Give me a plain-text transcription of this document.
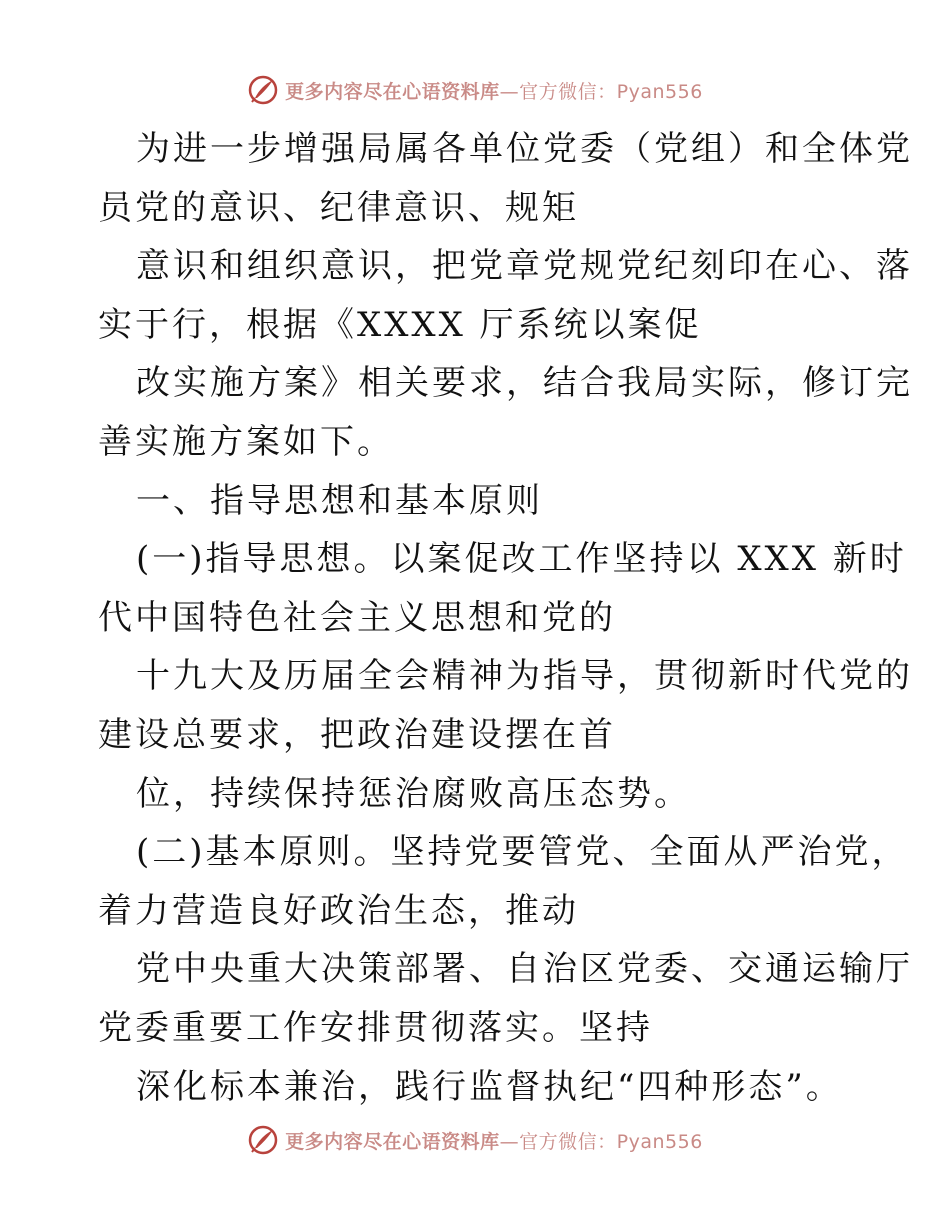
更多内容尽在心语资料库—官方微信：Pyan556
为进一步增强局属各单位党委（党组）和全体党
员党的意识、纪律意识、规矩
意识和组织意识，把党章党规党纪刻印在心、落
实于行，根据《XXXX 厅系统以案促
改实施方案》相关要求，结合我局实际，修订完
善实施方案如下。
一、指导思想和基本原则
(一)指导思想。以案促改工作坚持以 XXX 新时
代中国特色社会主义思想和党的
十九大及历届全会精神为指导，贯彻新时代党的
建设总要求，把政治建设摆在首
位，持续保持惩治腐败高压态势。
(二)基本原则。坚持党要管党、全面从严治党，
着力营造良好政治生态，推动
党中央重大决策部署、自治区党委、交通运输厅
党委重要工作安排贯彻落实。坚持
深化标本兼治，践行监督执纪“四种形态”。
更多内容尽在心语资料库—官方微信：Pyan556
